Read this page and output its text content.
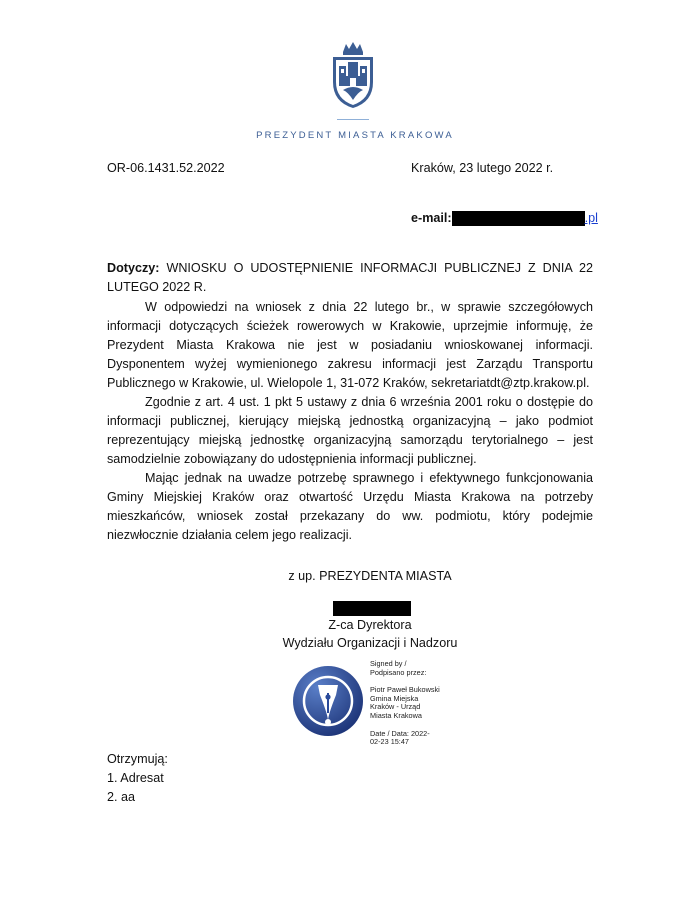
PREZYDENT MIASTA KRAKOWA
OR-06.1431.52.2022	Kraków, 23 lutego 2022 r.
e-mail:	.pl
Dotyczy: WNIOSKU O UDOSTĘPNIENIE INFORMACJI PUBLICZNEJ Z DNIA 22 LUTEGO 2022 R.

W odpowiedzi na wniosek z dnia 22 lutego br., w sprawie szczegółowych informacji dotyczących ścieżek rowerowych w Krakowie, uprzejmie informuję, że Prezydent Miasta Krakowa nie jest w posiadaniu wnioskowanej informacji. Dysponentem wyżej wymienionego zakresu informacji jest Zarządu Transportu Publicznego w Krakowie, ul. Wielopole 1, 31-072 Kraków, sekretariatdt@ztp.krakow.pl.

Zgodnie z art. 4 ust. 1 pkt 5 ustawy z dnia 6 września 2001 roku o dostępie do informacji publicznej, kierujący miejską jednostką organizacyjną – jako podmiot reprezentujący miejską jednostkę organizacyjną samorządu terytorialnego – jest samodzielnie zobowiązany do udostępnienia informacji publicznej.

Mając jednak na uwadze potrzebę sprawnego i efektywnego funkcjonowania Gminy Miejskiej Kraków oraz otwartość Urzędu Miasta Krakowa na potrzeby mieszkańców, wniosek został przekazany do ww. podmiotu, który podejmie niezwłocznie działania celem jego realizacji.

z up. PREZYDENTA MIASTA
Z-ca Dyrektora
Wydziału Organizacji i Nadzoru
Signed by /
Podpisano przez:
Piotr Paweł Bukowski
Gmina Miejska
Kraków - Urząd
Miasta Krakowa
Date / Data: 2022-
02-23 15:47
Otrzymują:
1. Adresat
2. aa
